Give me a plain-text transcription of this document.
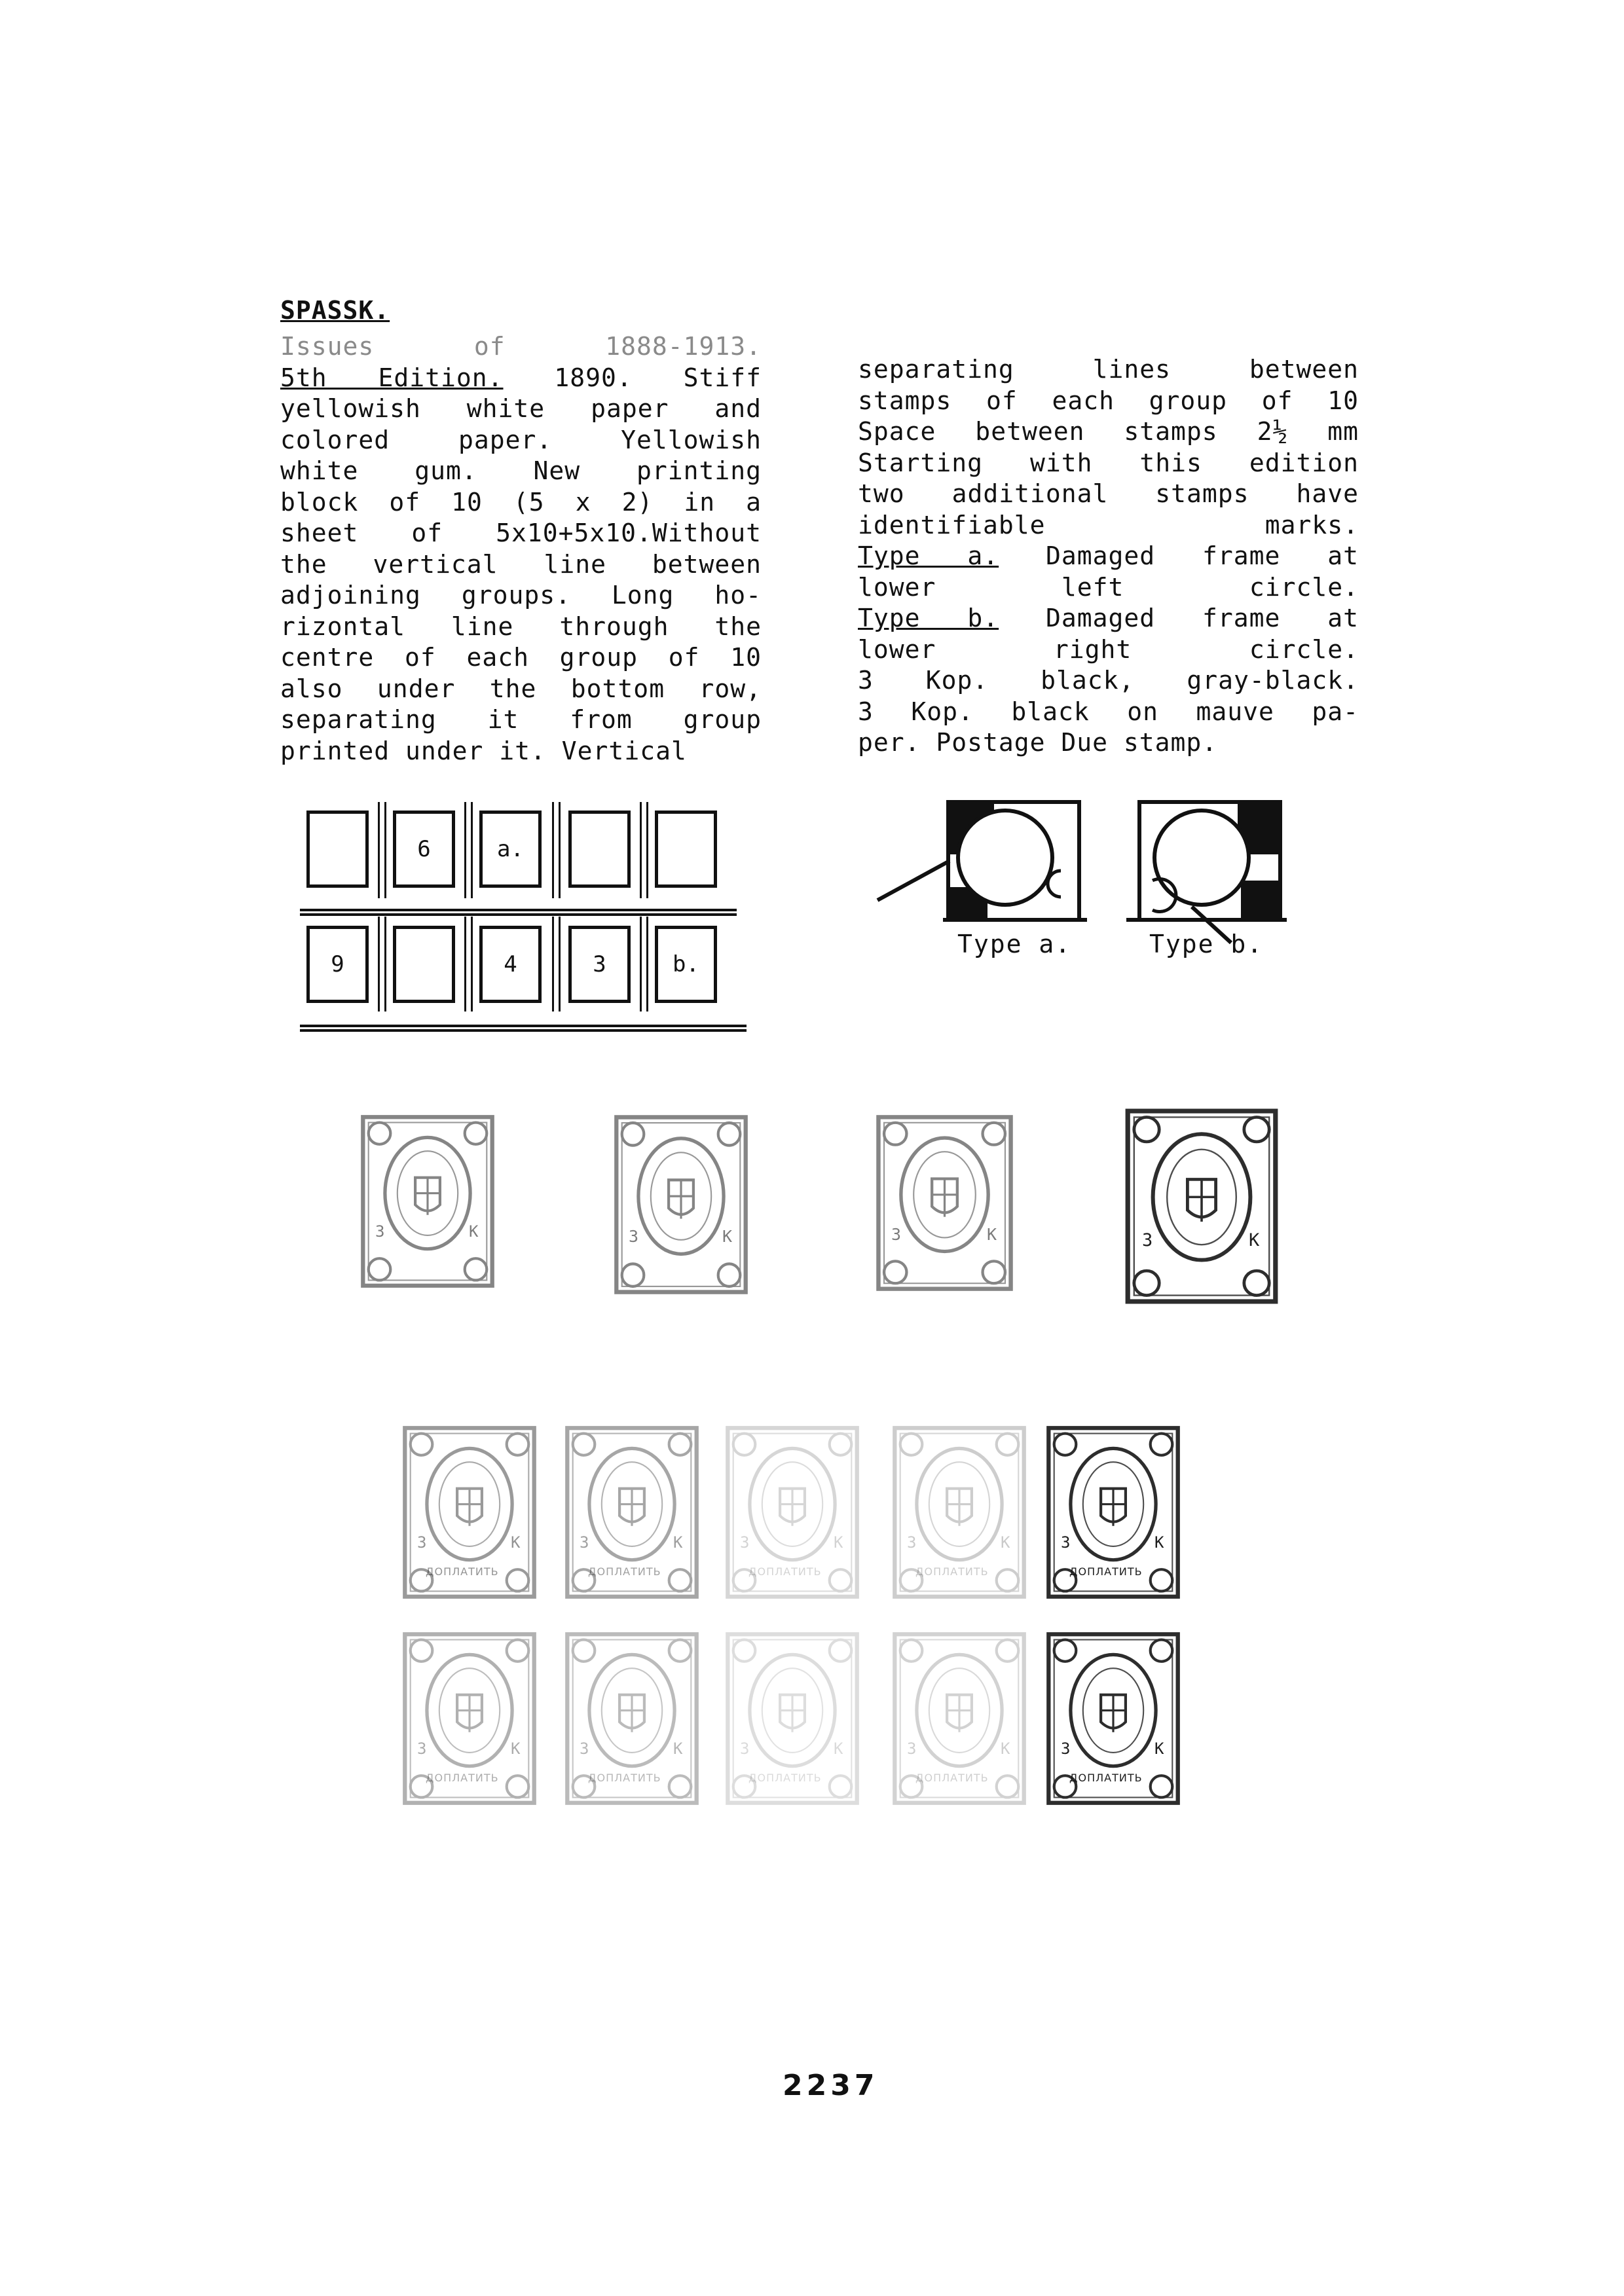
SPASSK.
Issues of 1888-1913.
5th Edition. 1890. Stiff
yellowish white paper and
colored paper. Yellowish
white gum. New printing
block of 10 (5 x 2) in a
sheet of 5x10+5x10.Without
the vertical line between
adjoining groups. Long ho-
rizontal line through the
centre of each group of 10
also under the bottom row,
separating it from group
printed under it. Vertical
separating lines between
stamps of each group of 10
Space between stamps 2½ mm
Starting with this edition
two additional stamps have
identifiable marks.
Type a. Damaged frame at
lower left circle.
Type b. Damaged frame at
lower right circle.
3 Kop. black, gray-black.
3 Kop. black on mauve pa-
per. Postage Due stamp.
6	a.
9	4	3	b.
Type a.	Type b.
3	К	3	К	3	К	3	К
3	К
ДОПЛАТИТЬ
3	К
ДОПЛАТИТЬ
3	К
ДОПЛАТИТЬ
3	К
ДОПЛАТИТЬ
3	К
ДОПЛАТИТЬ
3	К
ДОПЛАТИТЬ
3	К
ДОПЛАТИТЬ
3	К
ДОПЛАТИТЬ
3	К
ДОПЛАТИТЬ
3	К
ДОПЛАТИТЬ
2237
